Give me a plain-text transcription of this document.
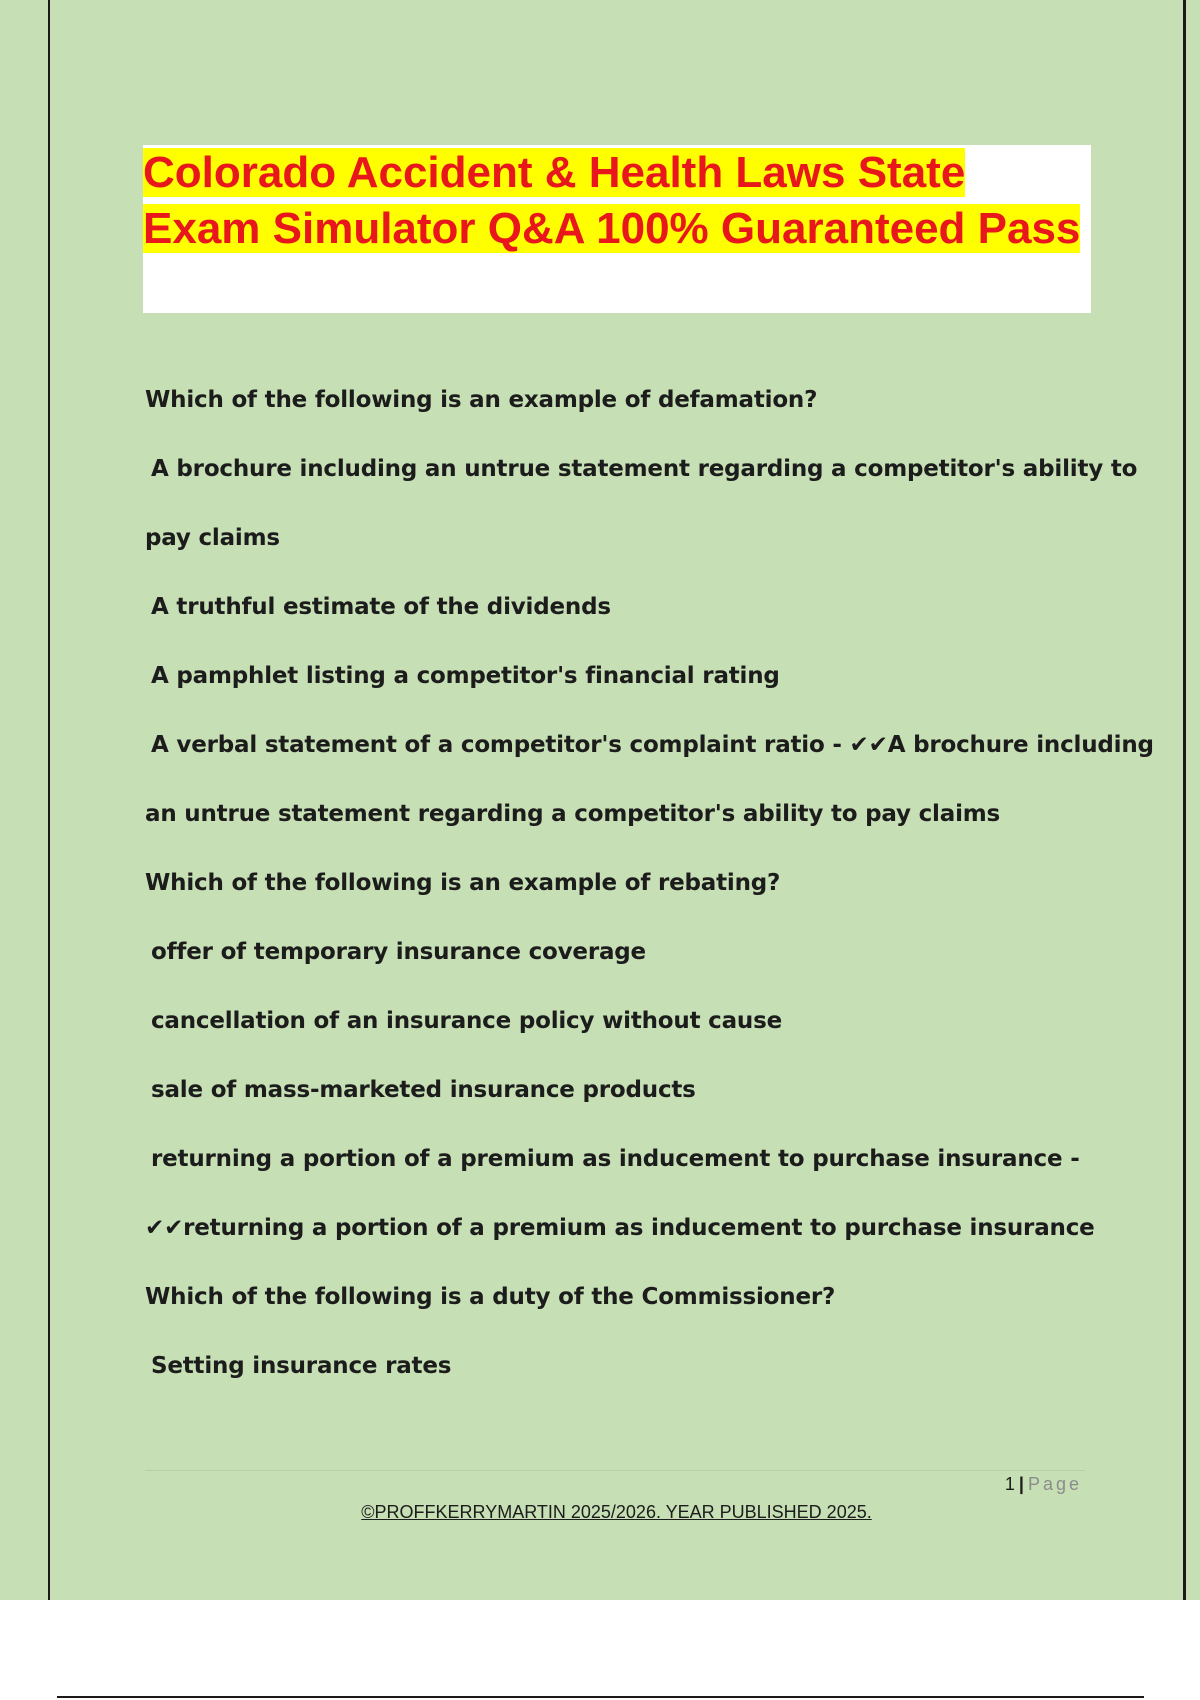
Colorado Accident & Health Laws State Exam Simulator Q&A 100% Guaranteed Pass
Which of the following is an example of defamation?
A brochure including an untrue statement regarding a competitor's ability to
pay claims
A truthful estimate of the dividends
A pamphlet listing a competitor's financial rating
A verbal statement of a competitor's complaint ratio - ✔✔A brochure including
an untrue statement regarding a competitor's ability to pay claims
Which of the following is an example of rebating?
offer of temporary insurance coverage
cancellation of an insurance policy without cause
sale of mass-marketed insurance products
returning a portion of a premium as inducement to purchase insurance -
✔✔returning a portion of a premium as inducement to purchase insurance
Which of the following is a duty of the Commissioner?
Setting insurance rates
1 | Page
©PROFFKERRYMARTIN 2025/2026. YEAR PUBLISHED 2025.
